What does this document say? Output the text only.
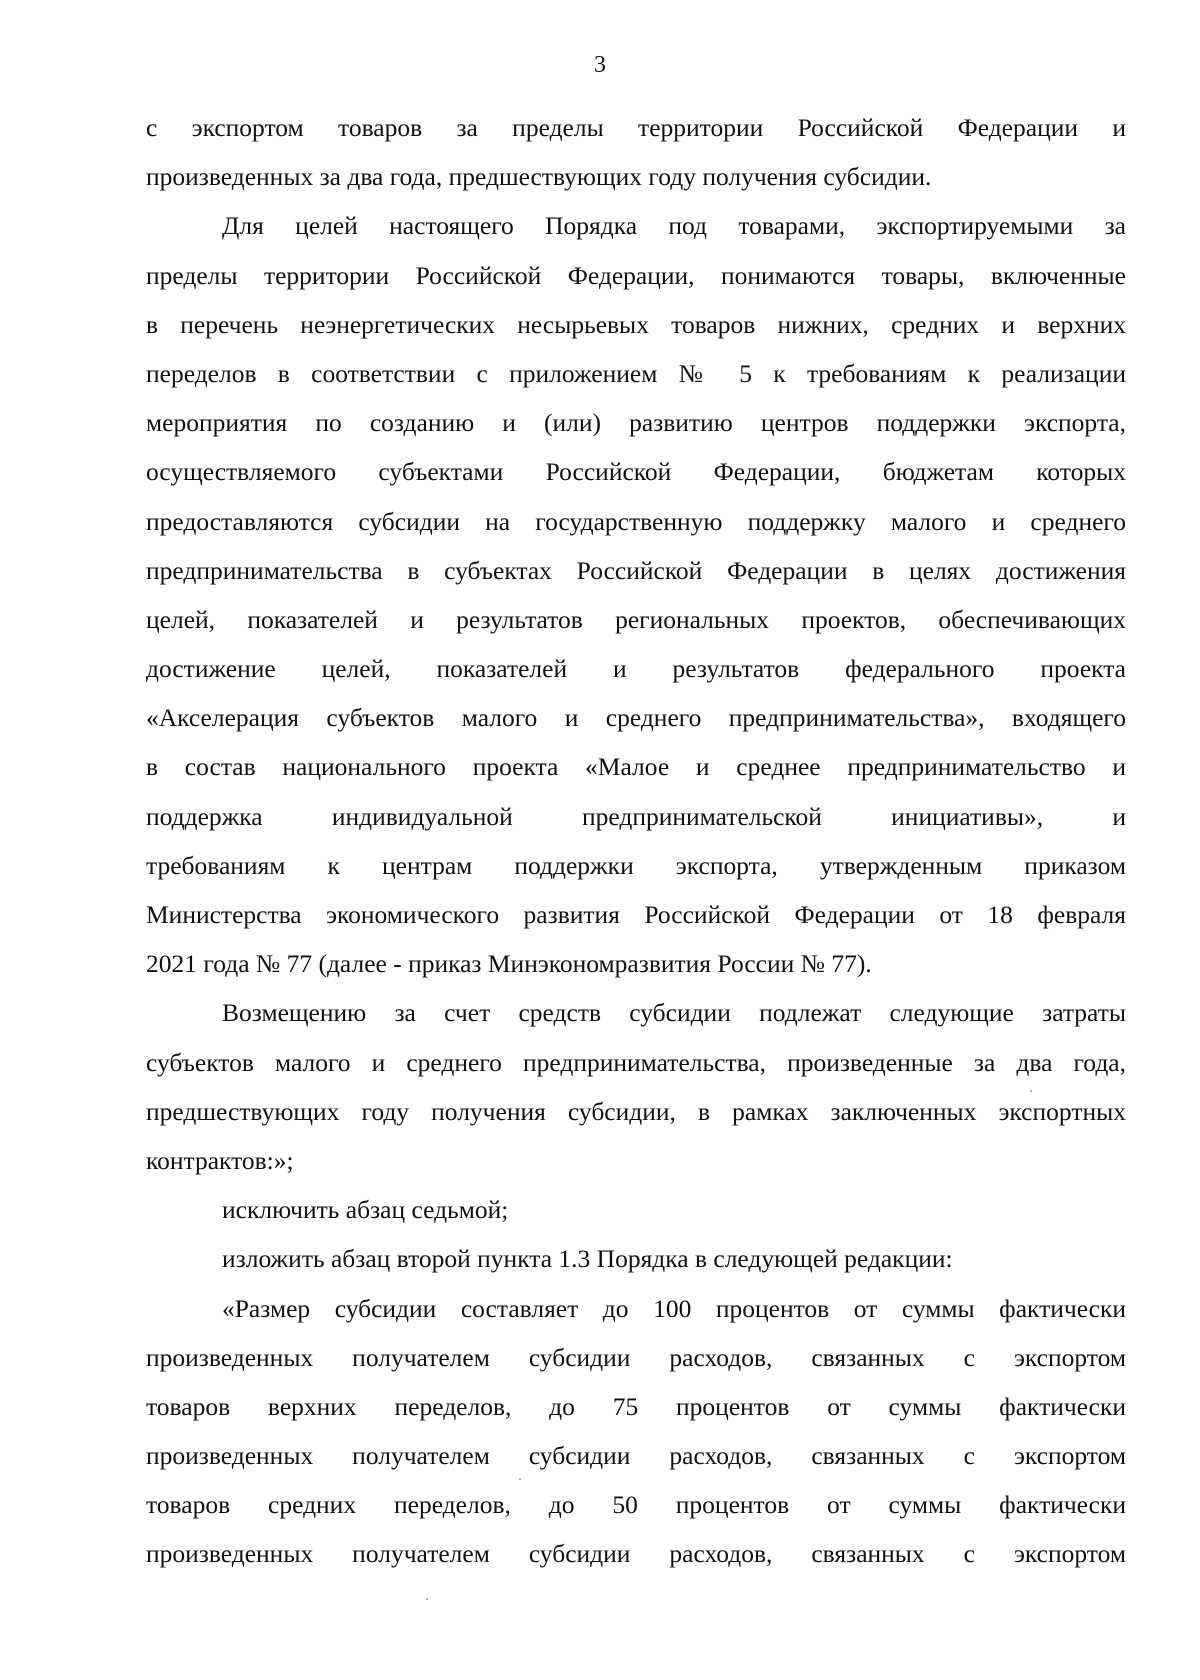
3
с экспортом товаров за пределы территории Российской Федерации и
произведенных за два года, предшествующих году получения субсидии.
Для целей настоящего Порядка под товарами, экспортируемыми за
пределы территории Российской Федерации, понимаются товары, включенные
в перечень неэнергетических несырьевых товаров нижних, средних и верхних
переделов в соответствии с приложением № 5 к требованиям к реализации
мероприятия по созданию и (или) развитию центров поддержки экспорта,
осуществляемого субъектами Российской Федерации, бюджетам которых
предоставляются субсидии на государственную поддержку малого и среднего
предпринимательства в субъектах Российской Федерации в целях достижения
целей, показателей и результатов региональных проектов, обеспечивающих
достижение целей, показателей и результатов федерального проекта
«Акселерация субъектов малого и среднего предпринимательства», входящего
в состав национального проекта «Малое и среднее предпринимательство и
поддержка индивидуальной предпринимательской инициативы», и
требованиям к центрам поддержки экспорта, утвержденным приказом
Министерства экономического развития Российской Федерации от 18 февраля
2021 года № 77 (далее - приказ Минэкономразвития России № 77).
Возмещению за счет средств субсидии подлежат следующие затраты
субъектов малого и среднего предпринимательства, произведенные за два года,
предшествующих году получения субсидии, в рамках заключенных экспортных
контрактов:»;
исключить абзац седьмой;
изложить абзац второй пункта 1.3 Порядка в следующей редакции:
«Размер субсидии составляет до 100 процентов от суммы фактически
произведенных получателем субсидии расходов, связанных с экспортом
товаров верхних переделов, до 75 процентов от суммы фактически
произведенных получателем субсидии расходов, связанных с экспортом
товаров средних переделов, до 50 процентов от суммы фактически
произведенных получателем субсидии расходов, связанных с экспортом
